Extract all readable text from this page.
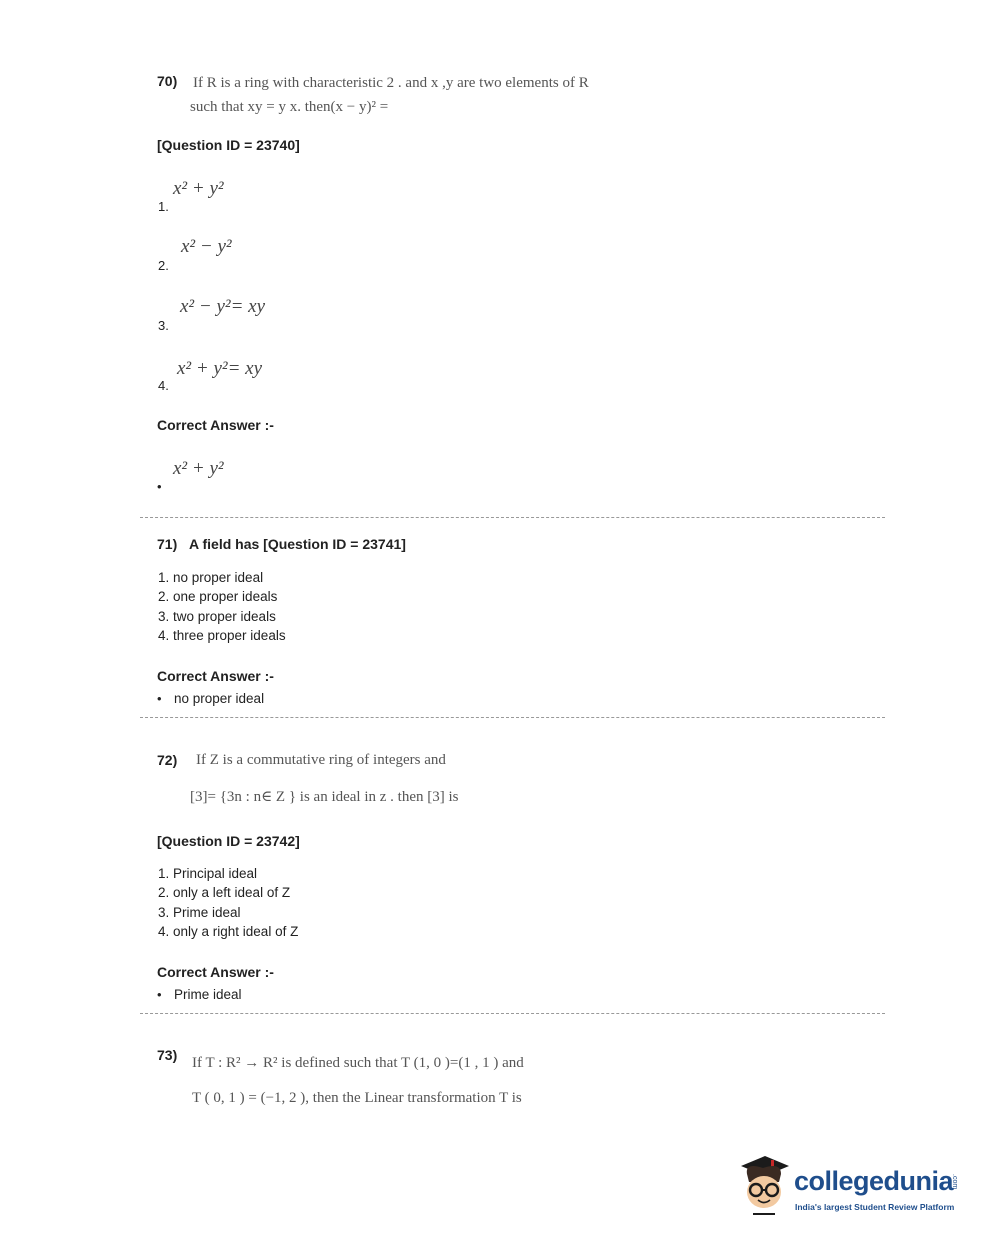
70) If R is a ring with characteristic 2 . and x ,y are two elements of R
such that xy = y x. then(x − y)² =
[Question ID = 23740]
x² + y²
1.
x² − y²
2.
x² − y²= xy
3.
x² + y²= xy
4.
Correct Answer :-
x² + y²
•
71) A field has [Question ID = 23741]
1. no proper ideal
2. one proper ideals
3. two proper ideals
4. three proper ideals
Correct Answer :-
• no proper ideal
72) If Z is a commutative ring of integers and
[3]= {3n : n∈ Z } is an ideal in z . then [3] is
[Question ID = 23742]
1. Principal ideal
2. only a left ideal of Z
3. Prime ideal
4. only a right ideal of Z
Correct Answer :-
• Prime ideal
73) If T : R² → R² is defined such that T (1, 0 )=(1 , 1 ) and
T ( 0, 1 ) = (−1, 2 ), then the Linear transformation T is
collegedunia
.com
India's largest Student Review Platform
